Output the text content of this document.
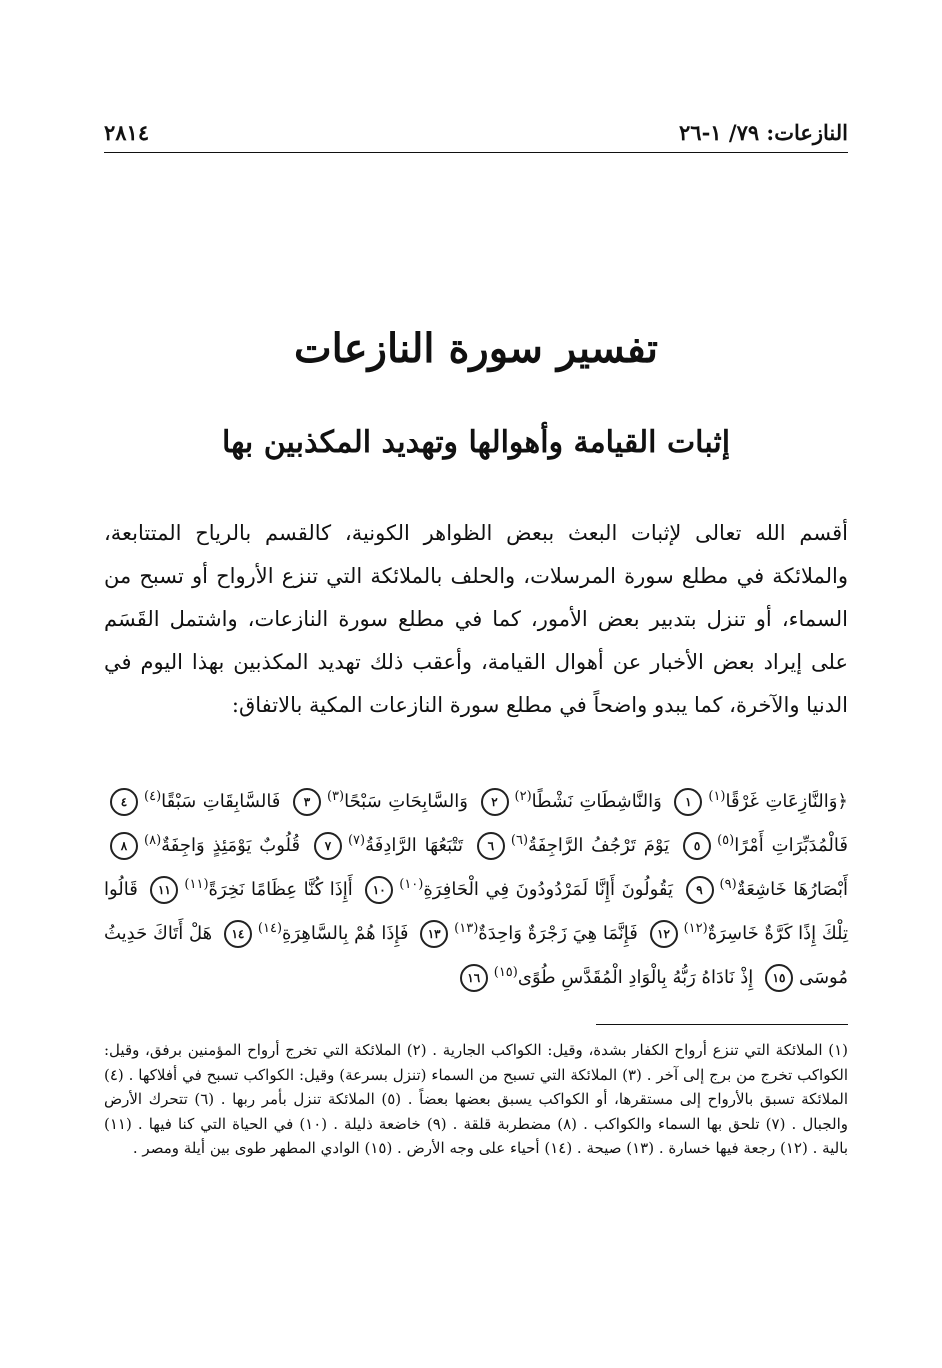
النازعات: ٧٩/ ١-٢٦
٢٨١٤
تفسير سورة النازعات
إثبات القيامة وأهوالها وتهديد المكذبين بها

أقسم الله تعالى لإثبات البعث ببعض الظواهر الكونية، كالقسم بالرياح المتتابعة، والملائكة في مطلع سورة المرسلات، والحلف بالملائكة التي تنزع الأرواح أو تسبح من السماء، أو تنزل بتدبير بعض الأمور، كما في مطلع سورة النازعات، واشتمل القَسَم على إيراد بعض الأخبار عن أهوال القيامة، وأعقب ذلك تهديد المكذبين بهذا اليوم في الدنيا والآخرة، كما يبدو واضحاً في مطلع سورة النازعات المكية بالاتفاق:

﴿وَالنَّازِعَاتِ غَرْقًا$^{(١)}$١ وَالنَّاشِطَاتِ نَشْطًا$^{(٢)}$٢ وَالسَّابِحَاتِ سَبْحًا$^{(٣)}$٣ فَالسَّابِقَاتِ سَبْقًا$^{(٤)}$٤ فَالْمُدَبِّرَاتِ أَمْرًا$^{(٥)}$٥ يَوْمَ تَرْجُفُ الرَّاجِفَةُ$^{(٦)}$٦ تَتْبَعُهَا الرَّادِفَةُ$^{(٧)}$٧ قُلُوبٌ يَوْمَئِذٍ وَاجِفَةٌ$^{(٨)}$٨ أَبْصَارُهَا خَاشِعَةٌ$^{(٩)}$٩ يَقُولُونَ أَإِنَّا لَمَرْدُودُونَ فِي الْحَافِرَةِ$^{(١٠)}$١٠ أَإِذَا كُنَّا عِظَامًا نَخِرَةً$^{(١١)}$١١ قَالُوا تِلْكَ إِذًا كَرَّةٌ خَاسِرَةٌ$^{(١٢)}$١٢ فَإِنَّمَا هِيَ زَجْرَةٌ وَاحِدَةٌ$^{(١٣)}$١٣ فَإِذَا هُمْ بِالسَّاهِرَةِ$^{(١٤)}$١٤ هَلْ أَتَاكَ حَدِيثُ مُوسَى١٥ إِذْ نَادَاهُ رَبُّهُ بِالْوَادِ الْمُقَدَّسِ طُوًى$^{(١٥)}$١٦

(١) الملائكة التي تنزع أرواح الكفار بشدة، وقيل: الكواكب الجارية . (٢) الملائكة التي تخرج أرواح المؤمنين برفق، وقيل: الكواكب تخرج من برج إلى آخر . (٣) الملائكة التي تسبح من السماء (تنزل بسرعة) وقيل: الكواكب تسبح في أفلاكها . (٤) الملائكة تسبق بالأرواح إلى مستقرها، أو الكواكب يسبق بعضها بعضاً . (٥) الملائكة تنزل بأمر ربها . (٦) تتحرك الأرض والجبال . (٧) تلحق بها السماء والكواكب . (٨) مضطربة قلقة . (٩) خاضعة ذليلة . (١٠) في الحياة التي كنا فيها . (١١) بالية . (١٢) رجعة فيها خسارة . (١٣) صيحة . (١٤) أحياء على وجه الأرض . (١٥) الوادي المطهر طوى بين أيلة ومصر .
